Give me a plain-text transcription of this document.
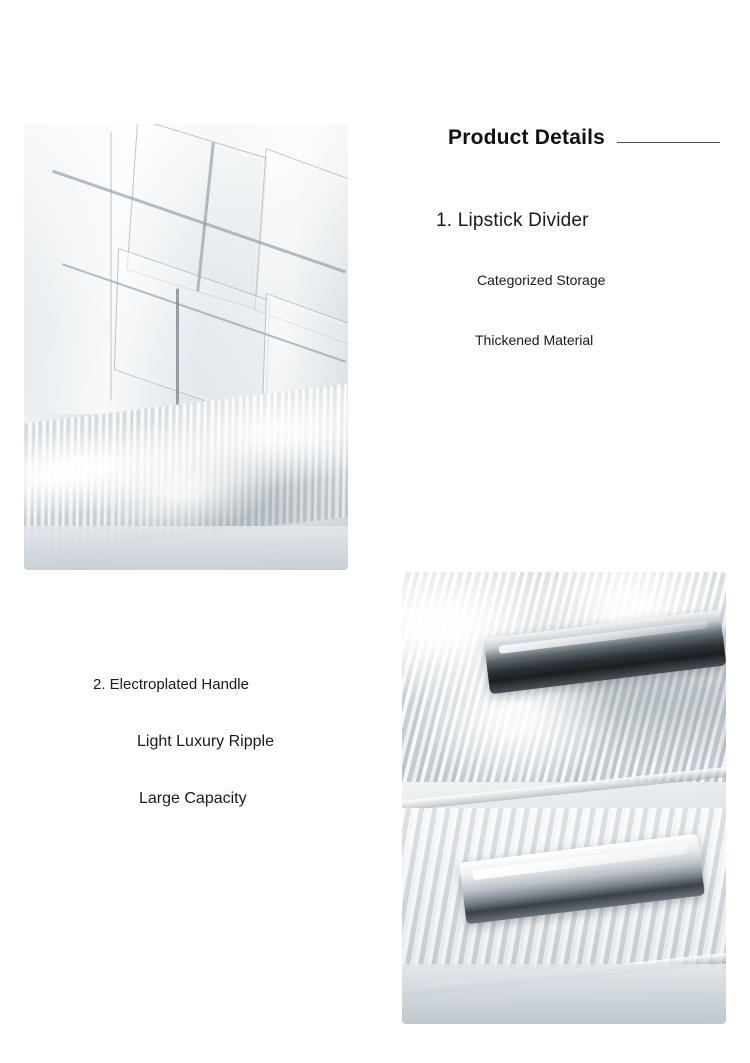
Product Details
1. Lipstick Divider
Categorized Storage
Thickened Material
2. Electroplated Handle
Light Luxury Ripple
Large Capacity
